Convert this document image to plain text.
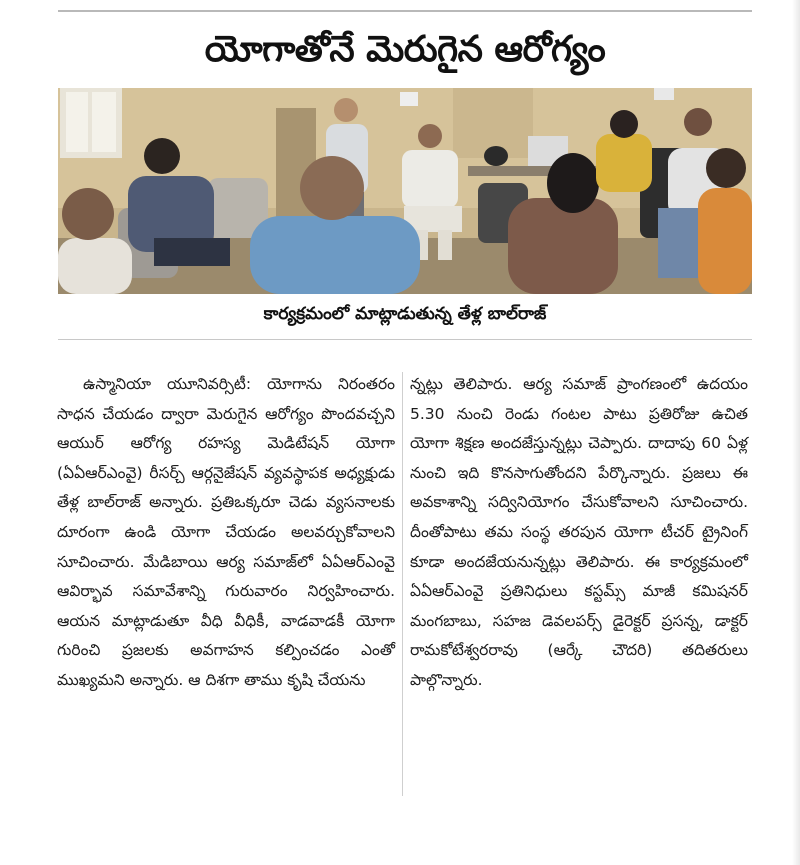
యోగాతోనే మెరుగైన ఆరోగ్యం
కార్యక్రమంలో మాట్లాడుతున్న తేళ్ల బాల్‌రాజ్

ఉస్మానియా యూనివర్సిటీ: యోగాను నిరంతరం సాధన చేయడం ద్వారా మెరుగైన ఆరోగ్యం పొందవచ్చని ఆయుర్ ఆరోగ్య రహస్య మెడిటేషన్ యోగా (ఏఏఆర్‌ఎంవై) రీసర్చ్ ఆర్గనైజేషన్ వ్యవస్థాపక అధ్యక్షుడు తేళ్ల బాల్‌రాజ్ అన్నారు. ప్రతిఒక్కరూ చెడు వ్యసనాలకు దూరంగా ఉండి యోగా చేయడం అలవర్చుకోవాలని సూచించారు. మేడిబాయి ఆర్య సమాజ్‌లో ఏఏఆర్‌ఎంవై ఆవిర్భావ సమావేశాన్ని గురువారం నిర్వహించారు. ఆయన మాట్లాడుతూ వీధి వీధికీ, వాడవాడకీ యోగా గురించి ప్రజలకు అవగాహన కల్పించడం ఎంతో ముఖ్యమని అన్నారు. ఆ దిశగా తాము కృషి చేయను

న్నట్లు తెలిపారు. ఆర్య సమాజ్ ప్రాంగణంలో ఉదయం 5.30 నుంచి రెండు గంటల పాటు ప్రతిరోజు ఉచిత యోగా శిక్షణ అందజేస్తున్నట్లు చెప్పారు. దాదాపు 60 ఏళ్ల నుంచి ఇది కొనసాగుతోందని పేర్కొన్నారు. ప్రజలు ఈ అవకాశాన్ని సద్వినియోగం చేసుకోవాలని సూచించారు. దీంతోపాటు తమ సంస్థ తరపున యోగా టీచర్ ట్రైనింగ్ కూడా అందజేయనున్నట్లు తెలిపారు. ఈ కార్యక్రమంలో ఏఏఆర్‌ఎంవై ప్రతినిధులు కస్టమ్స్ మాజీ కమిషనర్ మంగబాబు, సహజ డెవలపర్స్ డైరెక్టర్ ప్రసన్న, డాక్టర్ రామకోటేశ్వరరావు (ఆర్కే చౌదరి) తదితరులు పాల్గొన్నారు.
